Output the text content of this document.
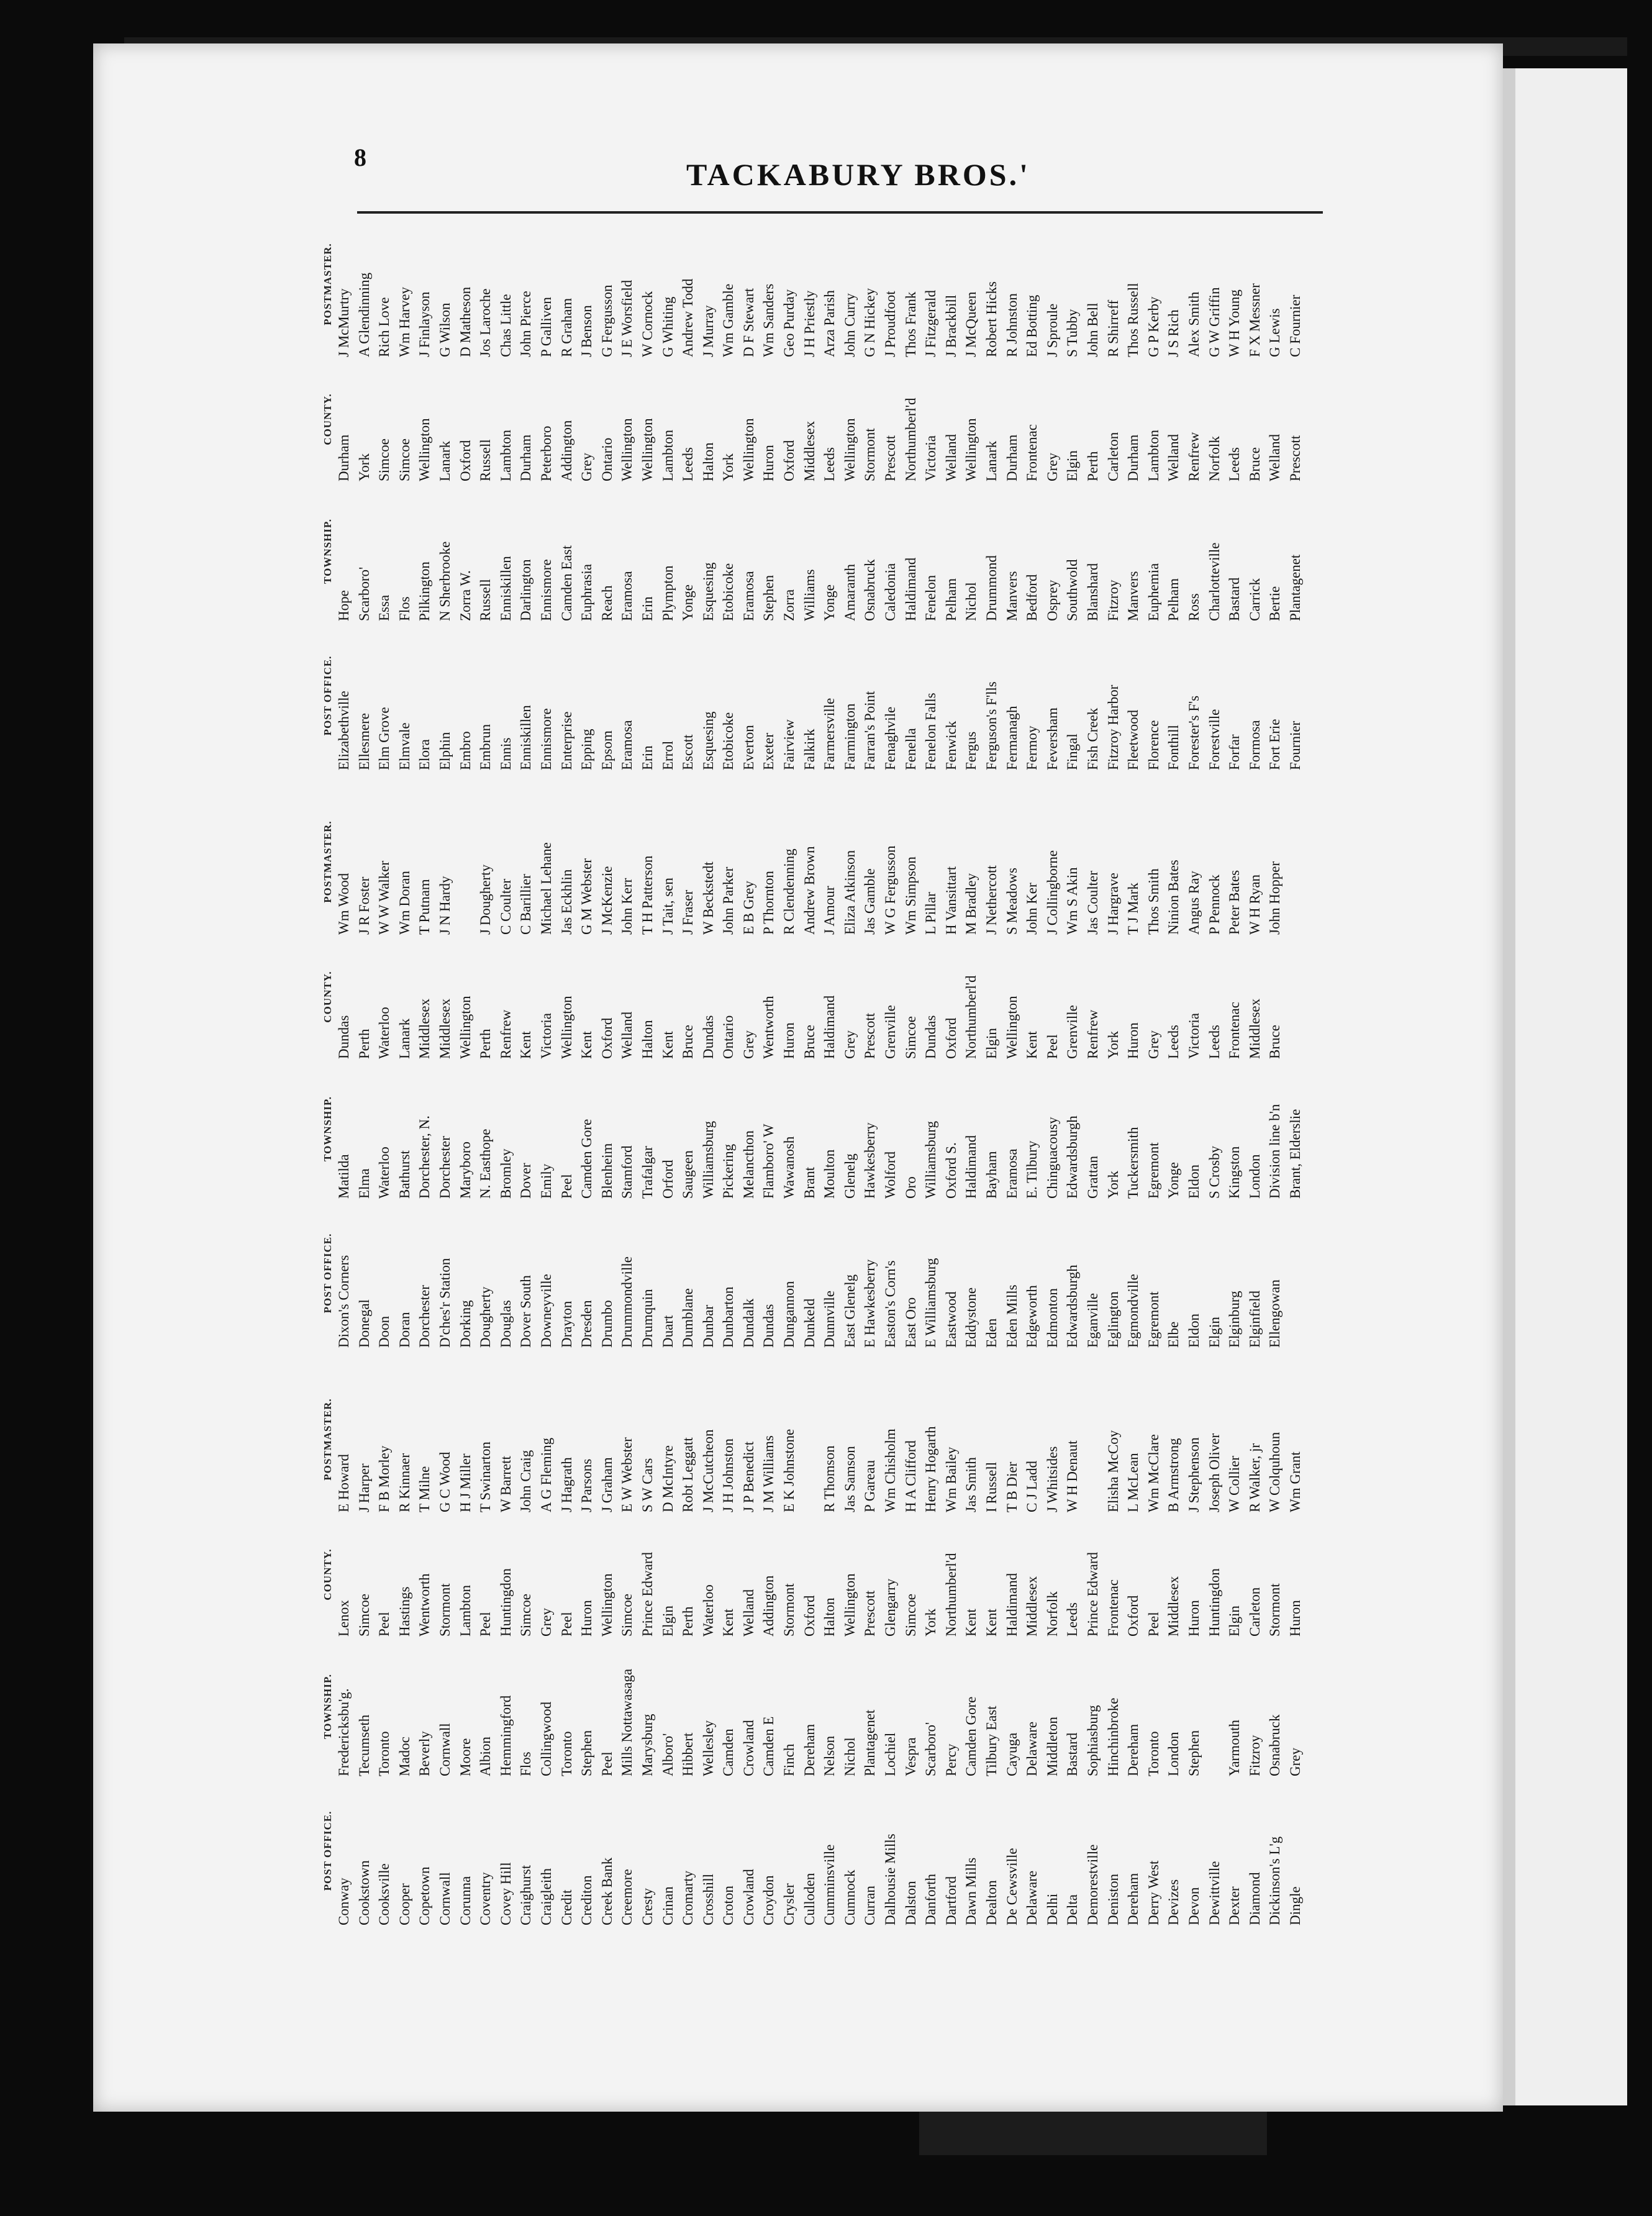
8	TACKABURY BROS.'
POST OFFICE.
TOWNSHIP.
COUNTY.
POSTMASTER.
Conway
Fredericksbu'g.
Lenox
E Howard
Cookstown
Tecumseth
Simcoe
J Harper
Cooksville
Toronto
Peel
F B Morley
Cooper
Madoc
Hastings
R Kinnaer
Copetown
Beverly
Wentworth
T Milne
Cornwall
Cornwall
Stormont
G C Wood
Corunna
Moore
Lambton
H J Miller
Coventry
Albion
Peel
T Swinarton
Covey Hill
Hemmingford
Huntingdon
W Barrett
Craighurst
Flos
Simcoe
John Craig
Craigleith
Collingwood
Grey
A G Fleming
Credit
Toronto
Peel
J Hagrath
Crediton
Stephen
Huron
J Parsons
Creek Bank
Peel
Wellington
J Graham
Creemore
Mills Nottawasaga
Simcoe
E W Webster
Cresty
Marysburg
Prince Edward
S W Cars
Crinan
Alboro'
Elgin
D McIntyre
Cromarty
Hibbert
Perth
Robt Leggatt
Crosshill
Wellesley
Waterloo
J McCutcheon
Croton
Camden
Kent
J H Johnston
Crowland
Crowland
Welland
J P Benedict
Croydon
Camden E
Addington
J M Williams
Crysler
Finch
Stormont
E K Johnstone
Culloden
Dereham
Oxford
Cumminsville
Nelson
Halton
R Thomson
Cumnock
Nichol
Wellington
Jas Samson
Curran
Plantagenet
Prescott
P Gareau
Dalhousie Mills
Lochiel
Glengarry
Wm Chisholm
Dalston
Vespra
Simcoe
H A Clifford
Danforth
Scarboro'
York
Henry Hogarth
Dartford
Percy
Northumberl'd
Wm Bailey
Dawn Mills
Camden Gore
Kent
Jas Smith
Dealton
Tilbury East
Kent
I Russell
De Cewsville
Cayuga
Haldimand
T B Dier
Delaware
Delaware
Middlesex
C J Ladd
Delhi
Middleton
Norfolk
J Whitsides
Delta
Bastard
Leeds
W H Denaut
Demorestville
Sophiasburg
Prince Edward
Deniston
Hinchinbroke
Frontenac
Elisha McCoy
Dereham
Dereham
Oxford
L McLean
Derry West
Toronto
Peel
Wm McClare
Devizes
London
Middlesex
B Armstrong
Devon
Stephen
Huron
J Stephenson
Dewittville
Huntingdon
Joseph Oliver
Dexter
Yarmouth
Elgin
W Collier
Diamond
Fitzroy
Carleton
R Walker, jr
Dickinson's L'g
Osnabruck
Stormont
W Colquhoun
Dingle
Grey
Huron
Wm Grant
POST OFFICE.
TOWNSHIP.
COUNTY.
POSTMASTER.
Dixon's Corners
Matilda
Dundas
Wm Wood
Donegal
Elma
Perth
J R Foster
Doon
Waterloo
Waterloo
W W Walker
Doran
Bathurst
Lanark
Wm Doran
Dorchester
Dorchester, N.
Middlesex
T Putnam
D'ches'r Station
Dorchester
Middlesex
J N Hardy
Dorking
Maryboro
Wellington
Dougherty
N. Easthope
Perth
J Dougherty
Douglas
Bromley
Renfrew
C Coulter
Dover South
Dover
Kent
C Barillier
Downeyville
Emily
Victoria
Michael Lehane
Drayton
Peel
Wellington
Jas Eckhlin
Dresden
Camden Gore
Kent
G M Webster
Drumbo
Blenheim
Oxford
J McKenzie
Drummondville
Stamford
Welland
John Kerr
Drumquin
Trafalgar
Halton
T H Patterson
Duart
Orford
Kent
J Tait, sen
Dumblane
Saugeen
Bruce
J Fraser
Dunbar
Williamsburg
Dundas
W Beckstedt
Dunbarton
Pickering
Ontario
John Parker
Dundalk
Melancthon
Grey
E B Grey
Dundas
Flamboro' W
Wentworth
P Thornton
Dungannon
Wawanosh
Huron
R Clendenning
Dunkeld
Brant
Bruce
Andrew Brown
Dunnville
Moulton
Haldimand
J Amour
East Glenelg
Glenelg
Grey
Eliza Atkinson
E Hawkesberry
Hawkesberry
Prescott
Jas Gamble
Easton's Corn's
Wolford
Grenville
W G Fergusson
East Oro
Oro
Simcoe
Wm Simpson
E Williamsburg
Williamsburg
Dundas
L Pillar
Eastwood
Oxford S.
Oxford
H Vansittart
Eddystone
Haldimand
Northumberl'd
M Bradley
Eden
Bayham
Elgin
J Nethercott
Eden Mills
Eramosa
Wellington
S Meadows
Edgeworth
E. Tilbury
Kent
John Ker
Edmonton
Chinguacousy
Peel
J Collingborne
Edwardsburgh
Edwardsburgh
Grenville
Wm S Akin
Eganville
Grattan
Renfrew
Jas Coulter
Eglington
York
York
J Hargrave
Egmondville
Tuckersmith
Huron
T J Mark
Egremont
Egremont
Grey
Thos Smith
Elbe
Yonge
Leeds
Ninion Bates
Eldon
Eldon
Victoria
Angus Ray
Elgin
S Crosby
Leeds
P Pennock
Elginburg
Kingston
Frontenac
Peter Bates
Elginfield
London
Middlesex
W H Ryan
Ellengowan
Division line b'n
Bruce
John Hopper
Brant, Elderslie
POST OFFICE.
TOWNSHIP.
COUNTY.
POSTMASTER.
Elizabethville
Hope
Durham
J McMurtry
Ellesmere
Scarboro'
York
A Glendinning
Elm Grove
Essa
Simcoe
Rich Love
Elmvale
Flos
Simcoe
Wm Harvey
Elora
Pilkington
Wellington
J Finlayson
Elphin
N Sherbrooke
Lanark
G Wilson
Embro
Zorra W.
Oxford
D Matheson
Embrun
Russell
Russell
Jos Laroche
Ennis
Enniskillen
Lambton
Chas Little
Enniskillen
Darlington
Durham
John Pierce
Ennismore
Ennismore
Peterboro
P Galliven
Enterprise
Camden East
Addington
R Graham
Epping
Euphrasia
Grey
J Benson
Epsom
Reach
Ontario
G Fergusson
Eramosa
Eramosa
Wellington
J E Worsfield
Erin
Erin
Wellington
W Cornock
Errol
Plympton
Lambton
G Whiting
Escott
Yonge
Leeds
Andrew Todd
Esquesing
Esquesing
Halton
J Murray
Etobicoke
Etobicoke
York
Wm Gamble
Everton
Eramosa
Wellington
D F Stewart
Exeter
Stephen
Huron
Wm Sanders
Fairview
Zorra
Oxford
Geo Purday
Falkirk
Williams
Middlesex
J H Priestly
Farmersville
Yonge
Leeds
Arza Parish
Farmington
Amaranth
Wellington
John Curry
Farran's Point
Osnabruck
Stormont
G N Hickey
Fenaghvile
Caledonia
Prescott
J Proudfoot
Fenella
Haldimand
Northumberl'd
Thos Frank
Fenelon Falls
Fenelon
Victoria
J Fitzgerald
Fenwick
Pelham
Welland
J Brackbill
Fergus
Nichol
Wellington
J McQueen
Ferguson's F'lls
Drummond
Lanark
Robert Hicks
Fermanagh
Manvers
Durham
R Johnston
Fermoy
Bedford
Frontenac
Ed Botting
Feversham
Osprey
Grey
J Sproule
Fingal
Southwold
Elgin
S Tubby
Fish Creek
Blanshard
Perth
John Bell
Fitzroy Harbor
Fitzroy
Carleton
R Shirreff
Fleetwood
Manvers
Durham
Thos Russell
Florence
Euphemia
Lambton
G P Kerby
Fonthill
Pelham
Welland
J S Rich
Forester's F's
Ross
Renfrew
Alex Smith
Forestville
Charlotteville
Norfolk
G W Griffin
Forfar
Bastard
Leeds
W H Young
Formosa
Carrick
Bruce
F X Messner
Fort Erie
Bertie
Welland
G Lewis
Fournier
Plantagenet
Prescott
C Fournier
